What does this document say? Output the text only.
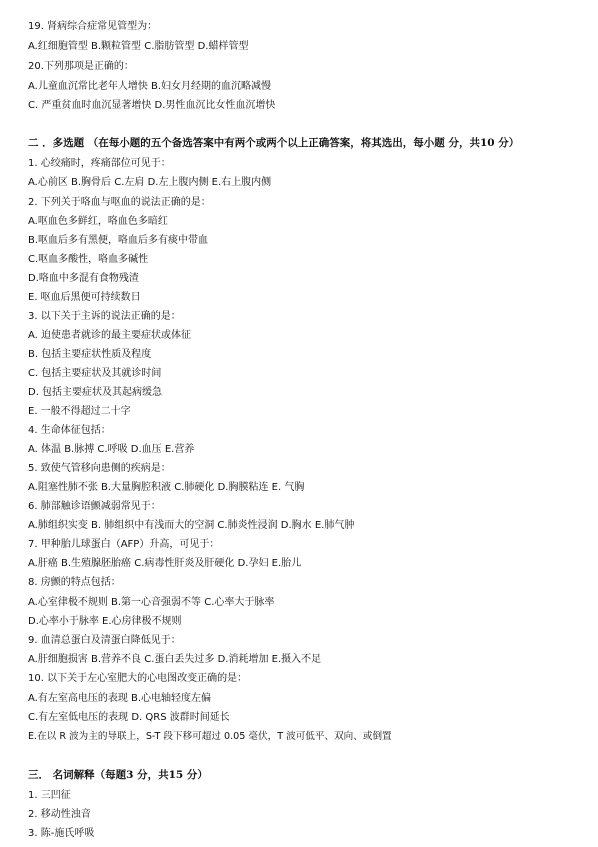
19. 肾病综合症常见管型为：
A.红细胞管型 B.颗粒管型 C.脂肪管型 D.蜡样管型
20.下列那项是正确的：
A.儿童血沉常比老年人增快 B.妇女月经期的血沉略减慢
C. 严重贫血时血沉显著增快 D.男性血沉比女性血沉增快
二 ．多选题 （在每小题的五个备选答案中有两个或两个以上正确答案，将其选出，每小题 分，共10 分）
1. 心绞痛时，疼痛部位可见于：
A.心前区 B.胸骨后 C.左肩 D.左上腹内侧 E.右上腹内侧
2. 下列关于咯血与呕血的说法正确的是：
A.呕血色多鲜红，咯血色多暗红
B.呕血后多有黑便，咯血后多有痰中带血
C.呕血多酸性，咯血多碱性
D.咯血中多混有食物残渣
E. 呕血后黑便可持续数日
3. 以下关于主诉的说法正确的是：
A. 迫使患者就诊的最主要症状或体征
B. 包括主要症状性质及程度
C. 包括主要症状及其就诊时间
D. 包括主要症状及其起病缓急
E. 一般不得超过二十字
4. 生命体征包括：
A. 体温 B.脉搏 C.呼吸 D.血压 E.营养
5. 致使气管移向患侧的疾病是：
A.阻塞性肺不张 B.大量胸腔积液 C.肺硬化 D.胸膜粘连 E. 气胸
6. 肺部触诊语颤减弱常见于：
A.肺组织实变 B. 肺组织中有浅而大的空洞 C.肺炎性浸润 D.胸水 E.肺气肿
7. 甲种胎儿球蛋白（AFP）升高，可见于：
A.肝癌 B.生殖腺胚胎癌 C.病毒性肝炎及肝硬化 D.孕妇 E.胎儿
8. 房颤的特点包括：
A.心室律极不规则 B.第一心音强弱不等 C.心率大于脉率
D.心率小于脉率 E.心房律极不规则
9. 血清总蛋白及清蛋白降低见于：
A.肝细胞损害 B.营养不良 C.蛋白丢失过多 D.消耗增加 E.摄入不足
10. 以下关于左心室肥大的心电图改变正确的是：
A.有左室高电压的表现 B.心电轴轻度左偏
C.有左室低电压的表现 D. QRS 波群时间延长
E.在以 R 波为主的导联上，S-T 段下移可超过 0.05 毫伏，T 波可低平、双向、或倒置
三． 名词解释（每题3 分，共15 分）
1. 三凹征
2. 移动性浊音
3. 陈-施氏呼吸
